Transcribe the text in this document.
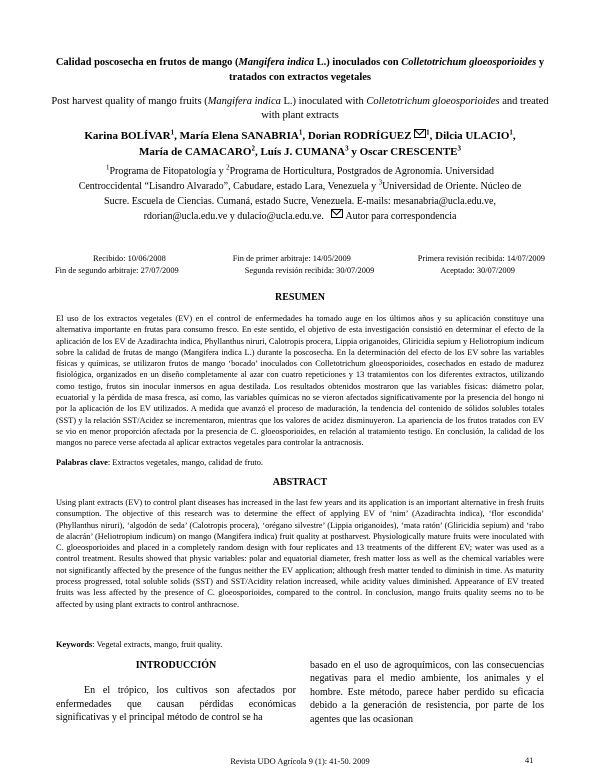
Calidad poscosecha en frutos de mango (Mangifera indica L.) inoculados con Colletotrichum gloeosporioides y tratados con extractos vegetales
Post harvest quality of mango fruits (Mangifera indica L.) inoculated with Colletotrichum gloeosporioides and treated with plant extracts
Karina BOLÍVAR$^1$, María Elena SANABRIA$^1$, Dorian RODRÍGUEZ $^1$, Dilcia ULACIO$^1$,
María de CAMACARO$^2$, Luís J. CUMANA$^3$ y Oscar CRESCENTE$^3$
$^1$Programa de Fitopatología y $^2$Programa de Horticultura, Postgrados de Agronomía. Universidad Centroccidental “Lisandro Alvarado”, Cabudare, estado Lara, Venezuela y $^3$Universidad de Oriente. Núcleo de Sucre. Escuela de Ciencias. Cumaná, estado Sucre, Venezuela. E-mails: mesanabria@ucla.edu.ve, rdorian@ucla.edu.ve y dulacio@ucla.edu.ve. Autor para correspondencia
Recibido: 10/06/2008	Fin de primer arbitraje: 14/05/2009	Primera revisión recibida: 14/07/2009
Fin de segundo arbitraje: 27/07/2009	Segunda revisión recibida: 30/07/2009	Aceptado: 30/07/2009
RESUMEN
El uso de los extractos vegetales (EV) en el control de enfermedades ha tomado auge en los últimos años y su aplicación constituye una alternativa importante en frutas para consumo fresco. En este sentido, el objetivo de esta investigación consistió en determinar el efecto de la aplicación de los EV de Azadirachta indica, Phyllanthus niruri, Calotropis procera, Lippia origanoides, Gliricidia sepium y Heliotropium indicum sobre la calidad de frutas de mango (Mangifera indica L.) durante la poscosecha. En la determinación del efecto de los EV sobre las variables físicas y químicas, se utilizaron frutos de mango ‘bocado’ inoculados con Colletotrichum gloeosporioides, cosechados en estado de madurez fisiológica, organizados en un diseño completamente al azar con cuatro repeticiones y 13 tratamientos con los diferentes extractos, utilizando como testigo, frutos sin inocular inmersos en agua destilada. Los resultados obtenidos mostraron que las variables físicas: diámetro polar, ecuatorial y la pérdida de masa fresca, así como, las variables químicas no se vieron afectados significativamente por la presencia del hongo ni por la aplicación de los EV utilizados. A medida que avanzó el proceso de maduración, la tendencia del contenido de sólidos solubles totales (SST) y la relación SST/Acidez se incrementaron, mientras que los valores de acidez disminuyeron. La apariencia de los frutos tratados con EV se vio en menor proporción afectada por la presencia de C. gloeosporioides, en relación al tratamiento testigo. En conclusión, la calidad de los mangos no parece verse afectada al aplicar extractos vegetales para controlar la antracnosis.
Palabras clave: Extractos vegetales, mango, calidad de fruto.
ABSTRACT
Using plant extracts (EV) to control plant diseases has increased in the last few years and its application is an important alternative in fresh fruits consumption. The objective of this research was to determine the effect of applying EV of ‘nim’ (Azadirachta indica), ‘flor escondida’ (Phyllanthus niruri), ‘algodón de seda’ (Calotropis procera), ‘orégano silvestre’ (Lippia origanoides), ‘mata ratón’ (Gliricidia sepium) and ‘rabo de alacrán’ (Heliotropium indicum) on mango (Mangifera indica) fruit quality at postharvest. Physiologically mature fruits were inoculated with C. gloeosporioides and placed in a completely random design with four replicates and 13 treatments of the different EV; water was used as a control treatment. Results showed that physic variables: polar and equatorial diameter, fresh matter loss as well as the chemical variables were not significantly affected by the presence of the fungus neither the EV application; although fresh matter tended to diminish in time. As maturity process progressed, total soluble solids (SST) and SST/Acidity relation increased, while acidity values diminished. Appearance of EV treated fruits was less affected by the presence of C. gloeosporioides, compared to the control. In conclusion, mango fruits quality seems no to be affected by using plant extracts to control anthracnose.
Keywords: Vegetal extracts, mango, fruit quality.
INTRODUCCIÓN
En el trópico, los cultivos son afectados por enfermedades que causan pérdidas económicas significativas y el principal método de control se ha
basado en el uso de agroquímicos, con las consecuencias negativas para el medio ambiente, los animales y el hombre. Este método, parece haber perdido su eficacia debido a la generación de resistencia, por parte de los agentes que las ocasionan
Revista UDO Agrícola 9 (1): 41-50. 2009	41
